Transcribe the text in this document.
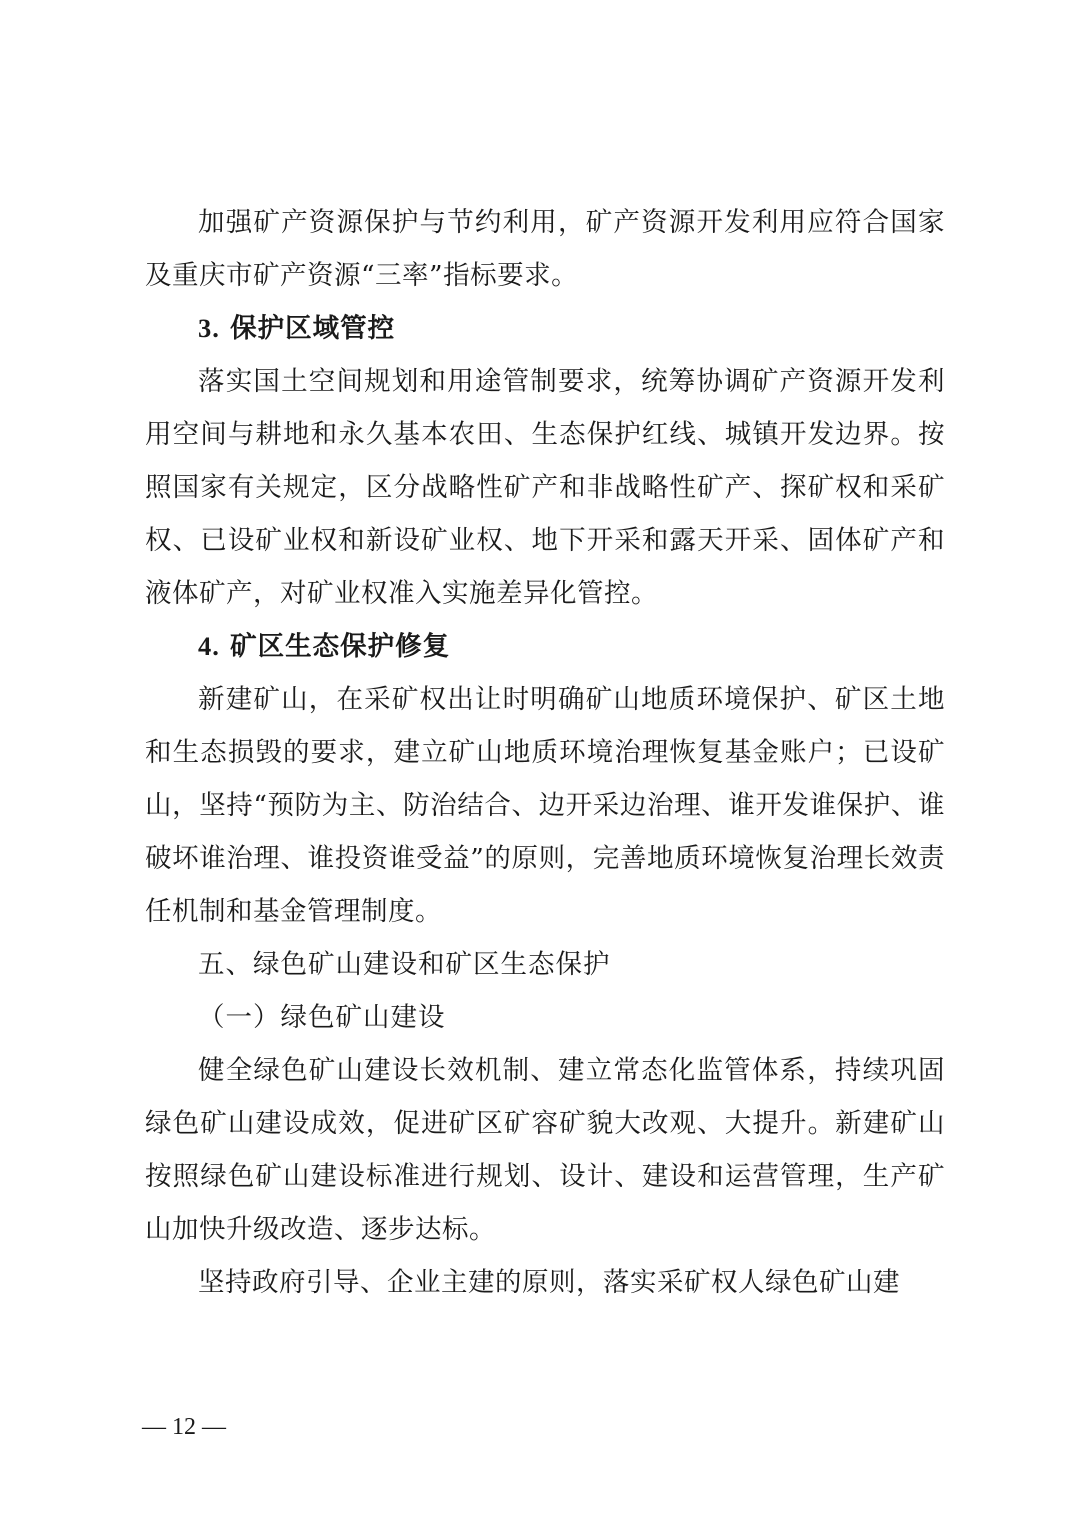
加强矿产资源保护与节约利用，矿产资源开发利用应符合国家及重庆市矿产资源“三率”指标要求。

3. 保护区域管控

落实国土空间规划和用途管制要求，统筹协调矿产资源开发利用空间与耕地和永久基本农田、生态保护红线、城镇开发边界。按照国家有关规定，区分战略性矿产和非战略性矿产、探矿权和采矿权、已设矿业权和新设矿业权、地下开采和露天开采、固体矿产和液体矿产，对矿业权准入实施差异化管控。

4. 矿区生态保护修复

新建矿山，在采矿权出让时明确矿山地质环境保护、矿区土地和生态损毁的要求，建立矿山地质环境治理恢复基金账户；已设矿山，坚持“预防为主、防治结合、边开采边治理、谁开发谁保护、谁破坏谁治理、谁投资谁受益”的原则，完善地质环境恢复治理长效责任机制和基金管理制度。

五、绿色矿山建设和矿区生态保护

（一）绿色矿山建设

健全绿色矿山建设长效机制、建立常态化监管体系，持续巩固绿色矿山建设成效，促进矿区矿容矿貌大改观、大提升。新建矿山按照绿色矿山建设标准进行规划、设计、建设和运营管理，生产矿山加快升级改造、逐步达标。

坚持政府引导、企业主建的原则，落实采矿权人绿色矿山建

— 12 —
